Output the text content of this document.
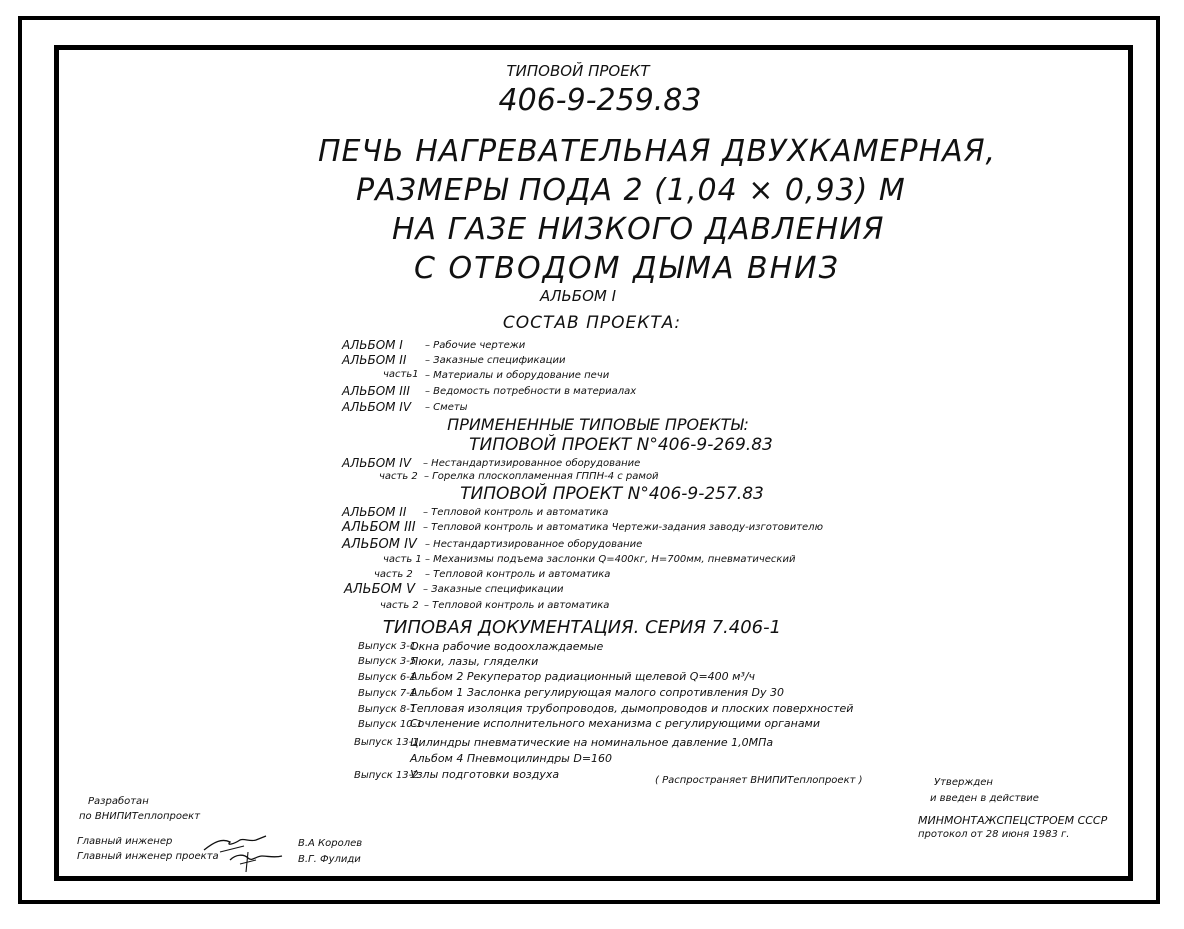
ТИПОВОЙ ПРОЕКТ
406-9-259.83
ПЕЧЬ НАГРЕВАТЕЛЬНАЯ ДВУХКАМЕРНАЯ,
РАЗМЕРЫ ПОДА 2 (1,04 × 0,93) М
НА ГАЗЕ НИЗКОГО ДАВЛЕНИЯ
С ОТВОДОМ ДЫМА ВНИЗ
АЛЬБОМ I
СОСТАВ ПРОЕКТА:
АЛЬБОМ I – Рабочие чертежи
АЛЬБОМ II – Заказные спецификации
часть1 – Материалы и оборудование печи
АЛЬБОМ III – Ведомость потребности в материалах
АЛЬБОМ IV – Сметы
ПРИМЕНЕННЫЕ ТИПОВЫЕ ПРОЕКТЫ:
ТИПОВОЙ ПРОЕКТ N°406-9-269.83
АЛЬБОМ IV – Нестандартизированное оборудование
часть 2 – Горелка плоскопламенная ГППН-4 с рамой
ТИПОВОЙ ПРОЕКТ N°406-9-257.83
АЛЬБОМ II – Тепловой контроль и автоматика
АЛЬБОМ III – Тепловой контроль и автоматика Чертежи-задания заводу-изготовителю
АЛЬБОМ IV – Нестандартизированное оборудование
часть 1 – Механизмы подъема заслонки Q=400кг, H=700мм, пневматический
часть 2 – Тепловой контроль и автоматика
АЛЬБОМ V – Заказные спецификации
часть 2 – Тепловой контроль и автоматика
ТИПОВАЯ ДОКУМЕНТАЦИЯ. СЕРИЯ 7.406-1
Выпуск 3-1
Окна рабочие водоохлаждаемые
Выпуск 3-5
Люки, лазы, гляделки
Выпуск 6-1
Альбом 2 Рекуператор радиационный щелевой Q=400 м³/ч
Выпуск 7-1
Альбом 1 Заслонка регулирующая малого сопротивления Dу 30
Выпуск 8-1
Тепловая изоляция трубопроводов, дымопроводов и плоских поверхностей
Выпуск 10-1
Сочленение исполнительного механизма с регулирующими органами
Выпуск 13-1
Цилиндры пневматические на номинальное давление 1,0МПа
Альбом 4 Пневмоцилиндры D=160
Выпуск 13-2
Узлы подготовки воздуха	( Распространяет ВНИПИТеплопроект )
Разработан
по ВНИПИТеплопроект
Главный инженер
Главный инженер проекта
В.А Королев
В.Г. Фулиди
Утвержден
и введен в действие
МИНМОНТАЖСПЕЦСТРОЕМ СССР
протокол от 28 июня 1983 г.
